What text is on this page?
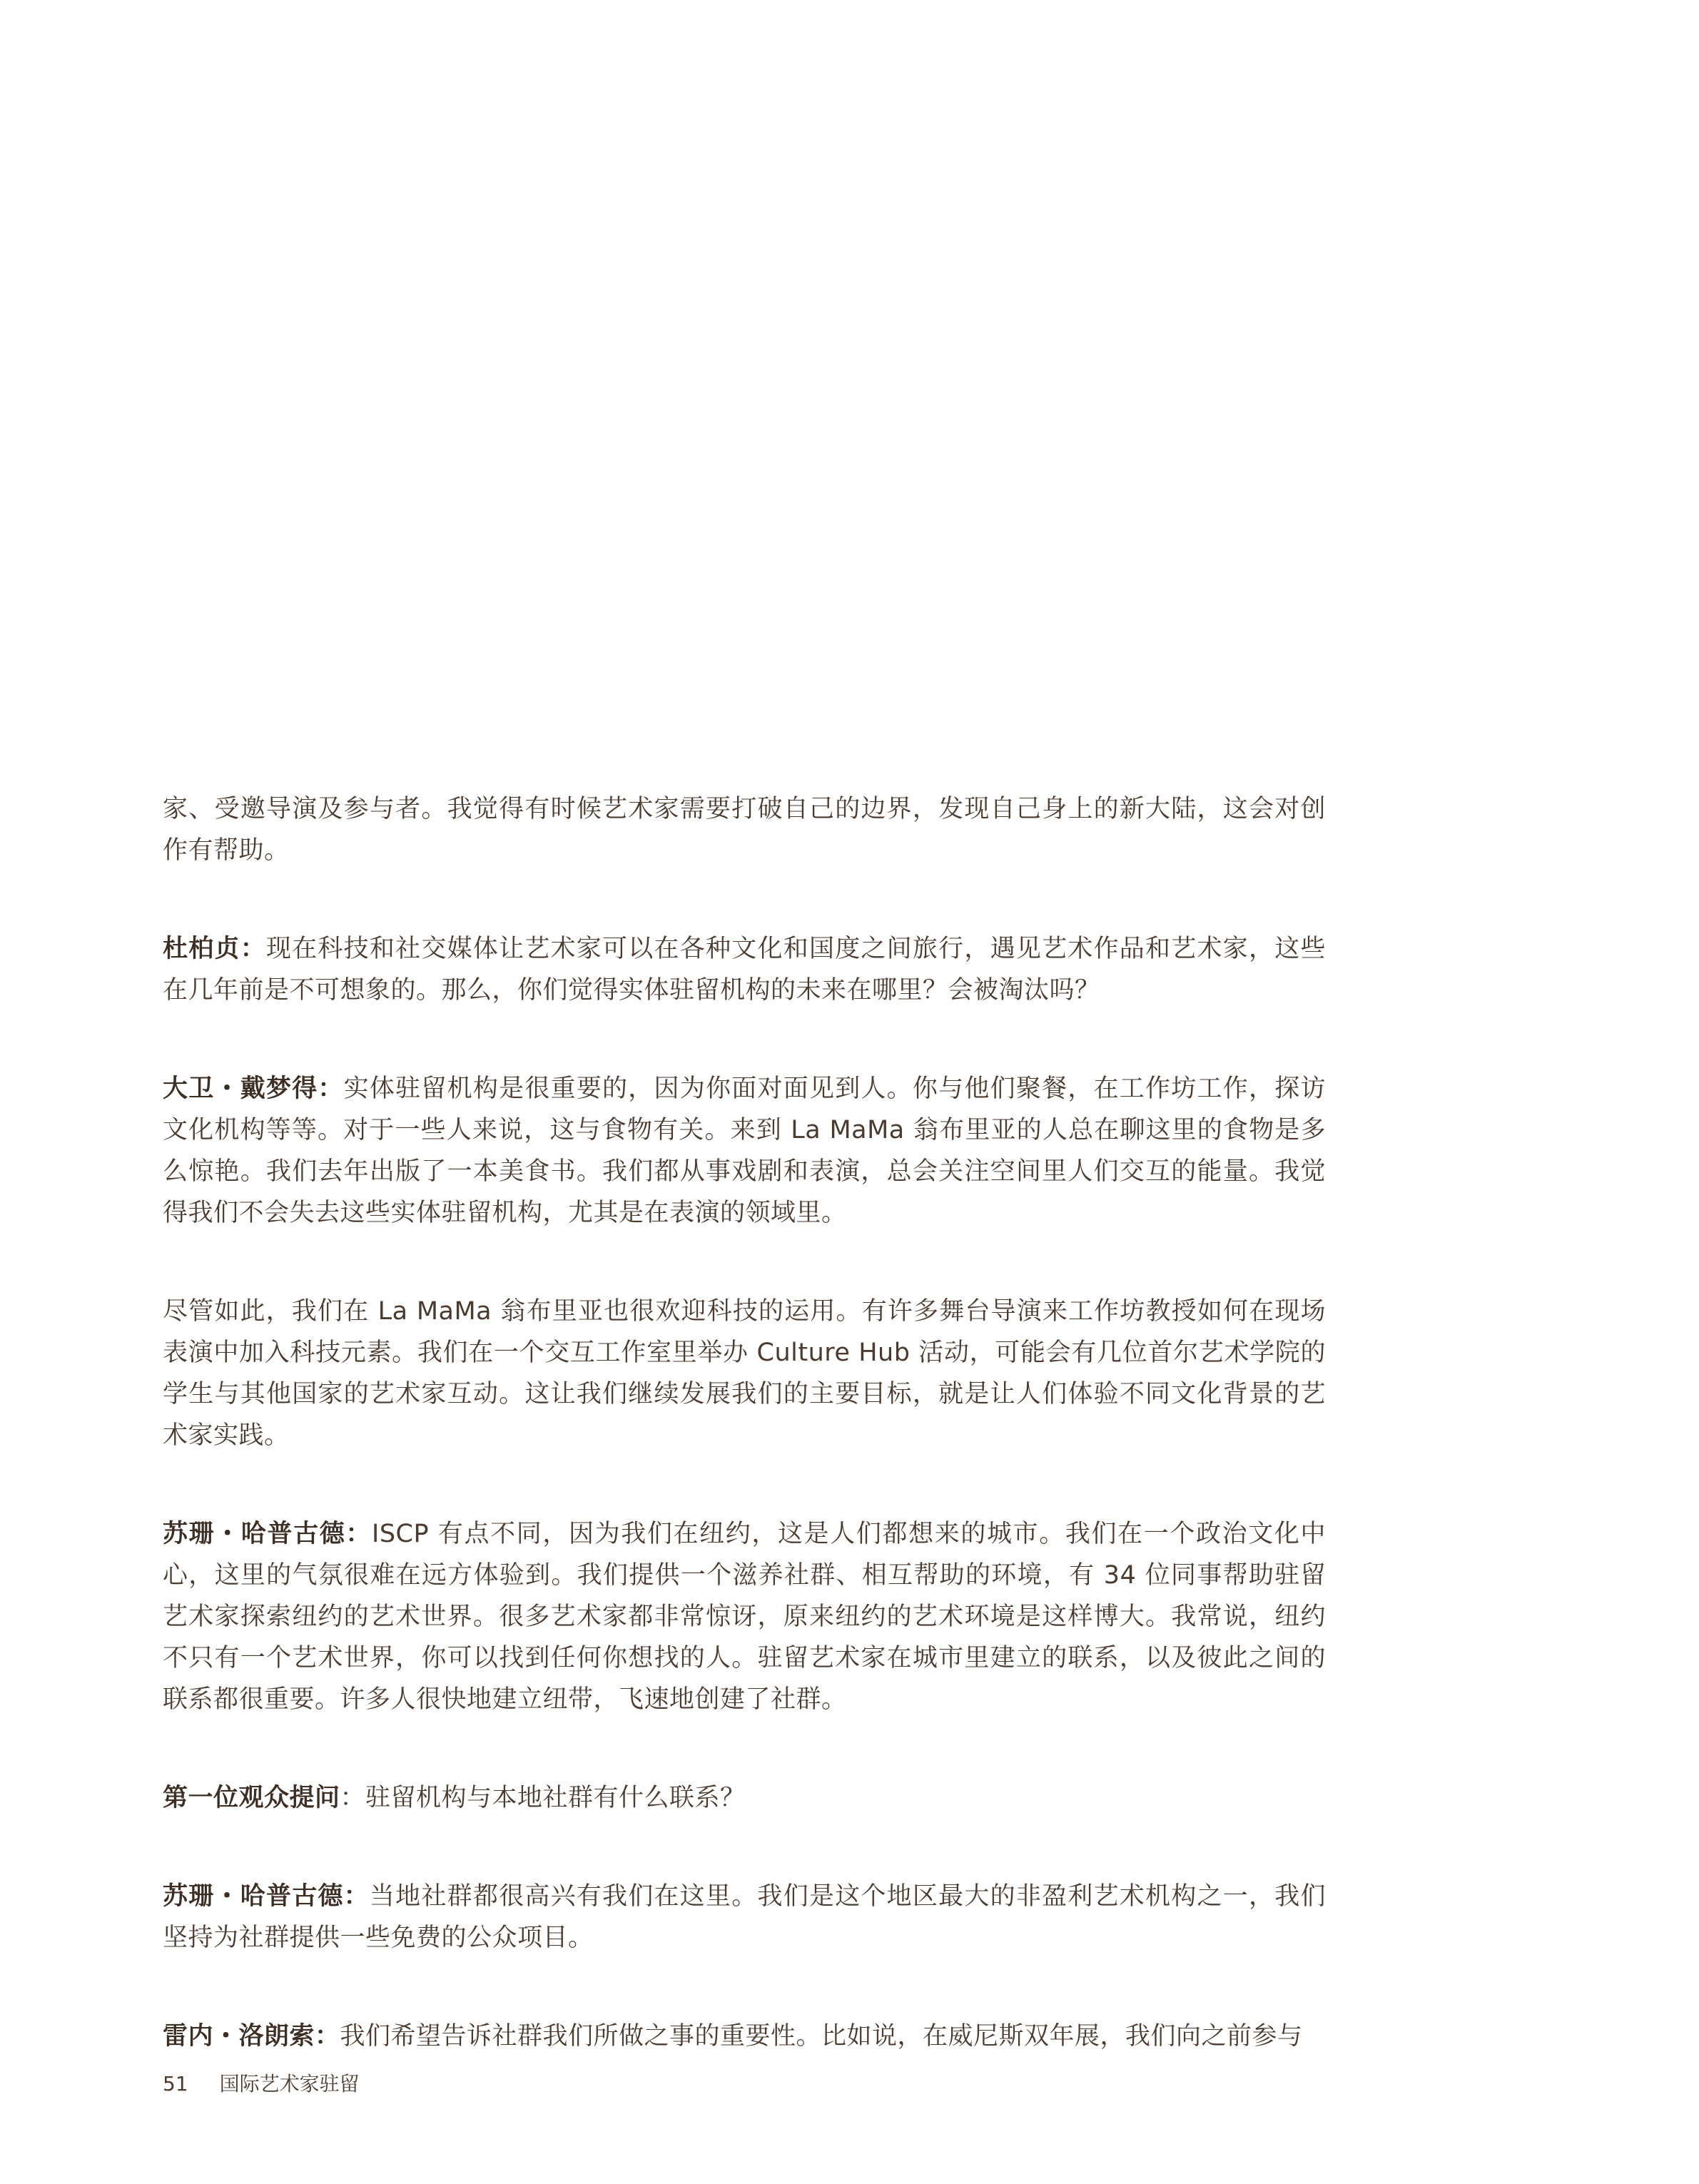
家、受邀导演及参与者。我觉得有时候艺术家需要打破自己的边界，发现自己身上的新大陆，这会对创作有帮助。

杜柏贞：现在科技和社交媒体让艺术家可以在各种文化和国度之间旅行，遇见艺术作品和艺术家，这些在几年前是不可想象的。那么，你们觉得实体驻留机构的未来在哪里？会被淘汰吗？

大卫・戴梦得：实体驻留机构是很重要的，因为你面对面见到人。你与他们聚餐，在工作坊工作，探访文化机构等等。对于一些人来说，这与食物有关。来到 La MaMa 翁布里亚的人总在聊这里的食物是多么惊艳。我们去年出版了一本美食书。我们都从事戏剧和表演，总会关注空间里人们交互的能量。我觉得我们不会失去这些实体驻留机构，尤其是在表演的领域里。

尽管如此，我们在 La MaMa 翁布里亚也很欢迎科技的运用。有许多舞台导演来工作坊教授如何在现场表演中加入科技元素。我们在一个交互工作室里举办 Culture Hub 活动，可能会有几位首尔艺术学院的学生与其他国家的艺术家互动。这让我们继续发展我们的主要目标，就是让人们体验不同文化背景的艺术家实践。

苏珊・哈普古德：ISCP 有点不同，因为我们在纽约，这是人们都想来的城市。我们在一个政治文化中心，这里的气氛很难在远方体验到。我们提供一个滋养社群、相互帮助的环境，有 34 位同事帮助驻留艺术家探索纽约的艺术世界。很多艺术家都非常惊讶，原来纽约的艺术环境是这样博大。我常说，纽约不只有一个艺术世界，你可以找到任何你想找的人。驻留艺术家在城市里建立的联系，以及彼此之间的联系都很重要。许多人很快地建立纽带，飞速地创建了社群。

第一位观众提问：驻留机构与本地社群有什么联系？

苏珊・哈普古德：当地社群都很高兴有我们在这里。我们是这个地区最大的非盈利艺术机构之一，我们坚持为社群提供一些免费的公众项目。

雷内・洛朗索：我们希望告诉社群我们所做之事的重要性。比如说，在威尼斯双年展，我们向之前参与

51 国际艺术家驻留
